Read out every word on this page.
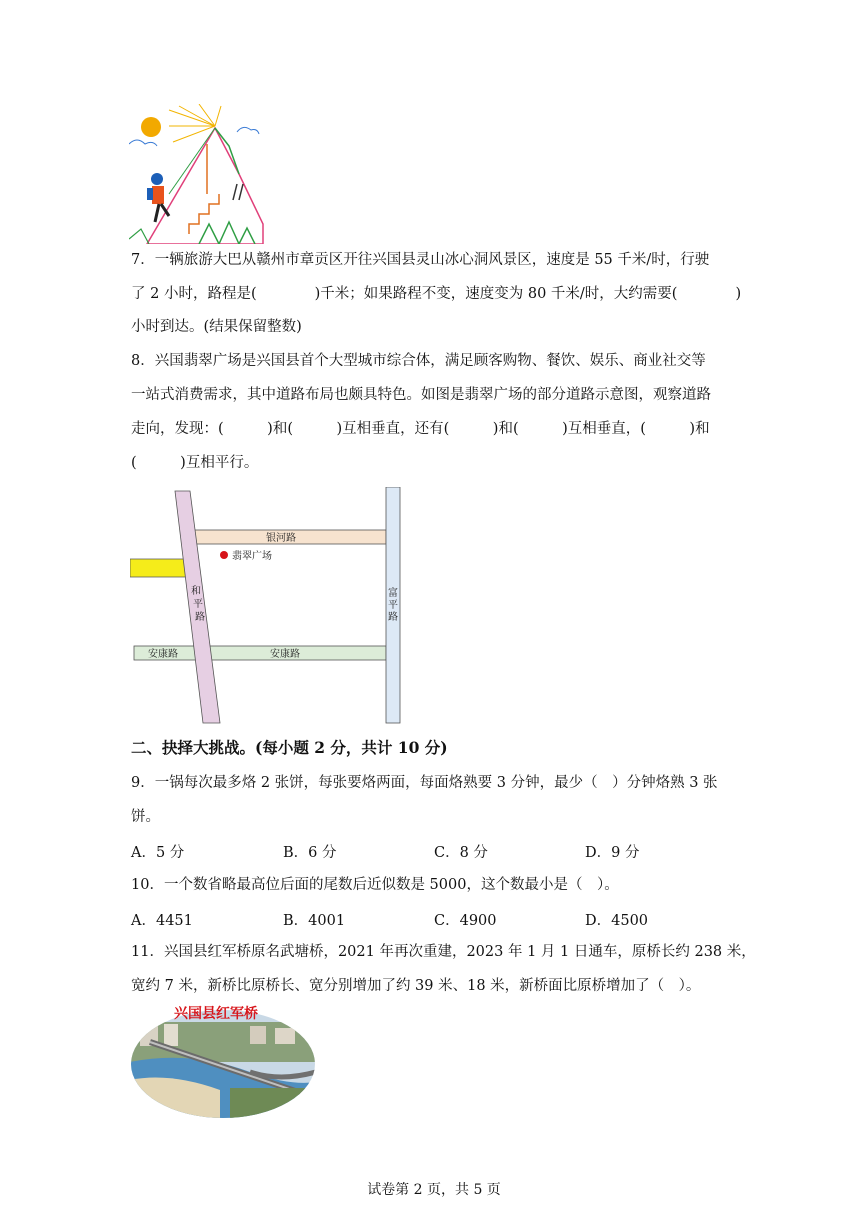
7．一辆旅游大巴从赣州市章贡区开往兴国县灵山冰心洞风景区，速度是 55 千米/时，行驶
了 2 小时，路程是(　　　　)千米；如果路程不变，速度变为 80 千米/时，大约需要(　　　　)
小时到达。(结果保留整数)
8．兴国翡翠广场是兴国县首个大型城市综合体，满足顾客购物、餐饮、娱乐、商业社交等
一站式消费需求，其中道路布局也颇具特色。如图是翡翠广场的部分道路示意图，观察道路
走向，发现：(　　　)和(　　　)互相垂直，还有(　　　)和(　　　)互相垂直，(　　　)和
(　　　)互相平行。
翡翠广场
银河路
安康路	安康路
富
平
路
和
平
路
二、抉择大挑战。(每小题 2 分，共计 10 分)
9．一锅每次最多烙 2 张饼，每张要烙两面，每面烙熟要 3 分钟，最少（　）分钟烙熟 3 张
饼。
A．5 分	B．6 分	C．8 分	D．9 分
10．一个数省略最高位后面的尾数后近似数是 5000，这个数最小是（　）。
A．4451	B．4001	C．4900	D．4500
11．兴国县红军桥原名武塘桥，2021 年再次重建，2023 年 1 月 1 日通车，原桥长约 238 米，
宽约 7 米，新桥比原桥长、宽分别增加了约 39 米、18 米，新桥面比原桥增加了（　）。
兴国县红军桥
试卷第 2 页，共 5 页
